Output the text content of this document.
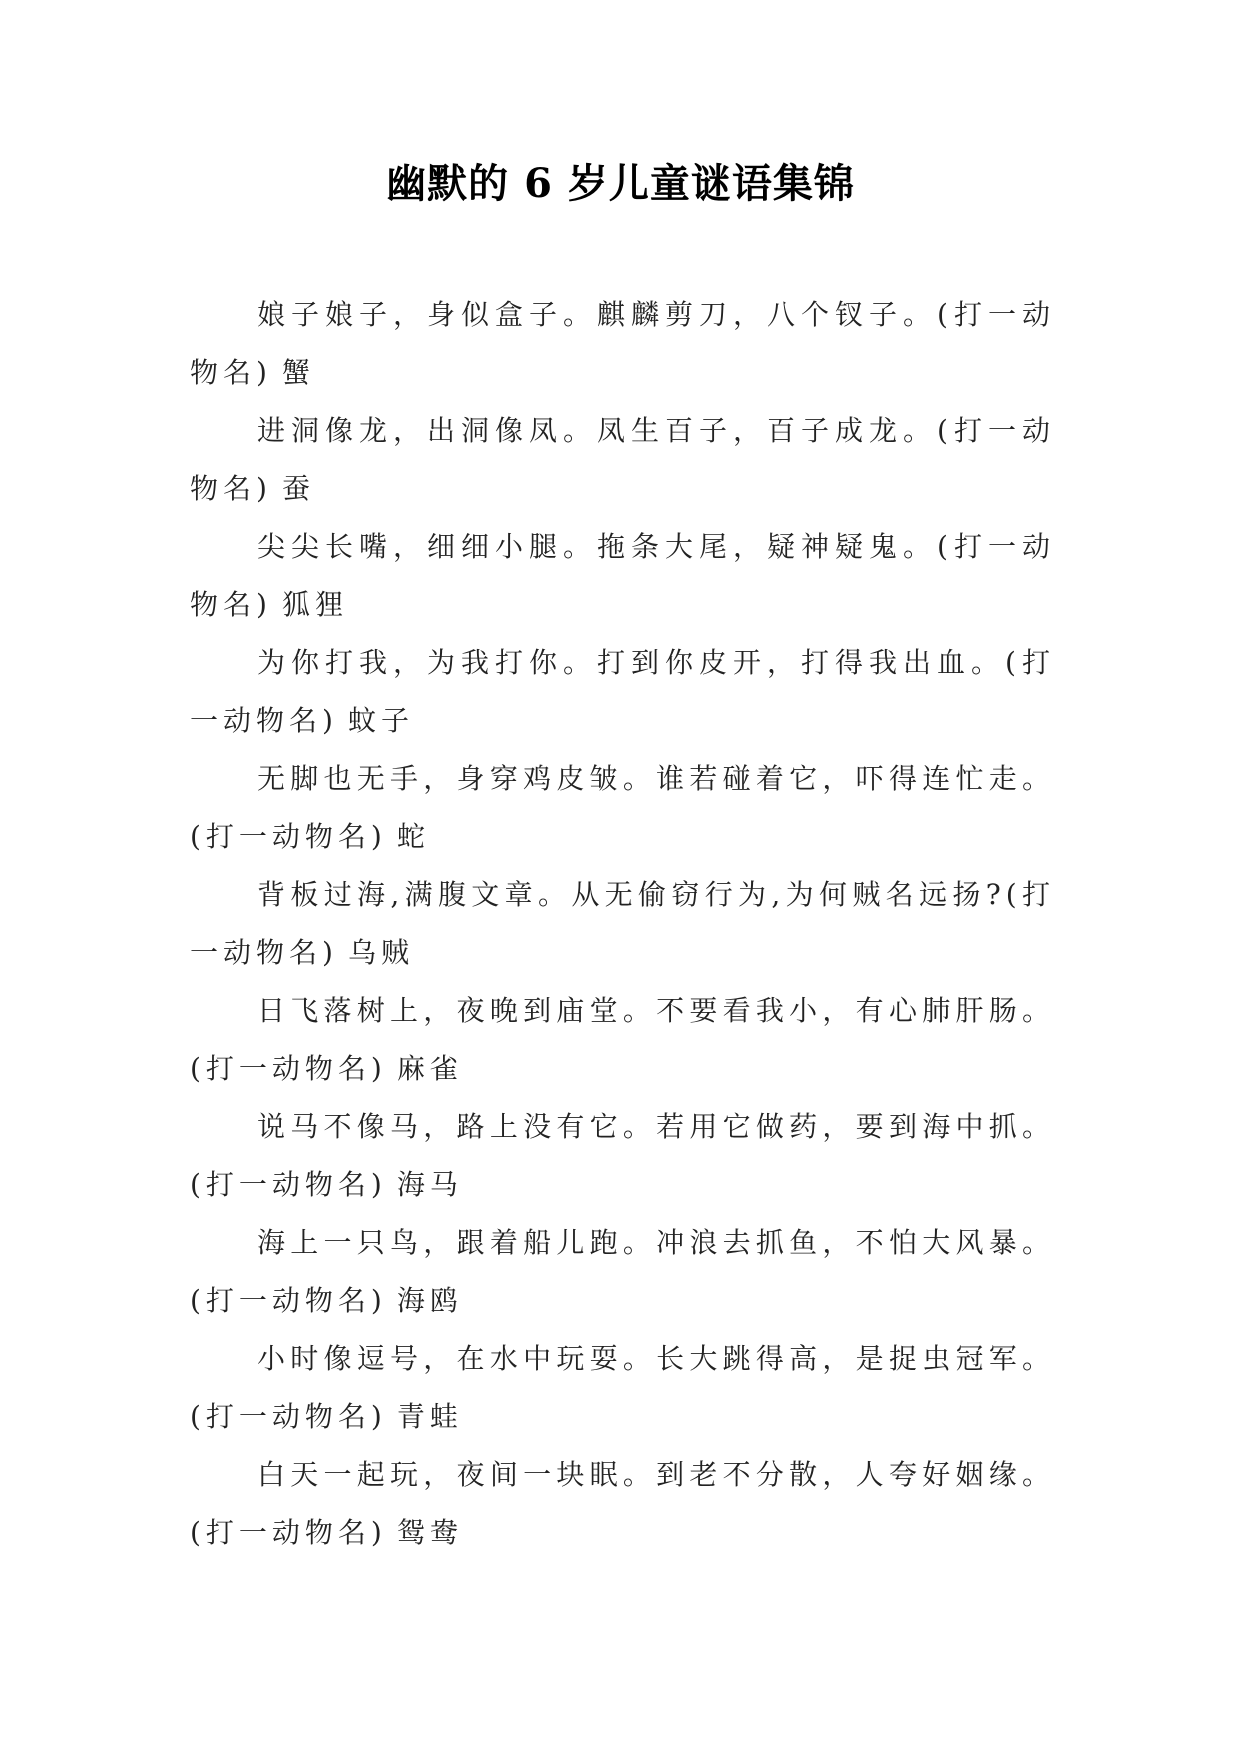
幽默的 6 岁儿童谜语集锦

娘子娘子，身似盒子。麒麟剪刀，八个钗子。(打一动物名) 蟹

进洞像龙，出洞像凤。凤生百子，百子成龙。(打一动物名) 蚕

尖尖长嘴，细细小腿。拖条大尾，疑神疑鬼。(打一动物名) 狐狸

为你打我，为我打你。打到你皮开，打得我出血。(打一动物名) 蚊子

无脚也无手，身穿鸡皮皱。谁若碰着它，吓得连忙走。(打一动物名) 蛇

背板过海,满腹文章。从无偷窃行为,为何贼名远扬?(打一动物名) 乌贼

日飞落树上，夜晚到庙堂。不要看我小，有心肺肝肠。(打一动物名) 麻雀

说马不像马，路上没有它。若用它做药，要到海中抓。(打一动物名) 海马

海上一只鸟，跟着船儿跑。冲浪去抓鱼，不怕大风暴。(打一动物名) 海鸥

小时像逗号，在水中玩耍。长大跳得高，是捉虫冠军。(打一动物名) 青蛙

白天一起玩，夜间一块眠。到老不分散，人夸好姻缘。(打一动物名) 鸳鸯
